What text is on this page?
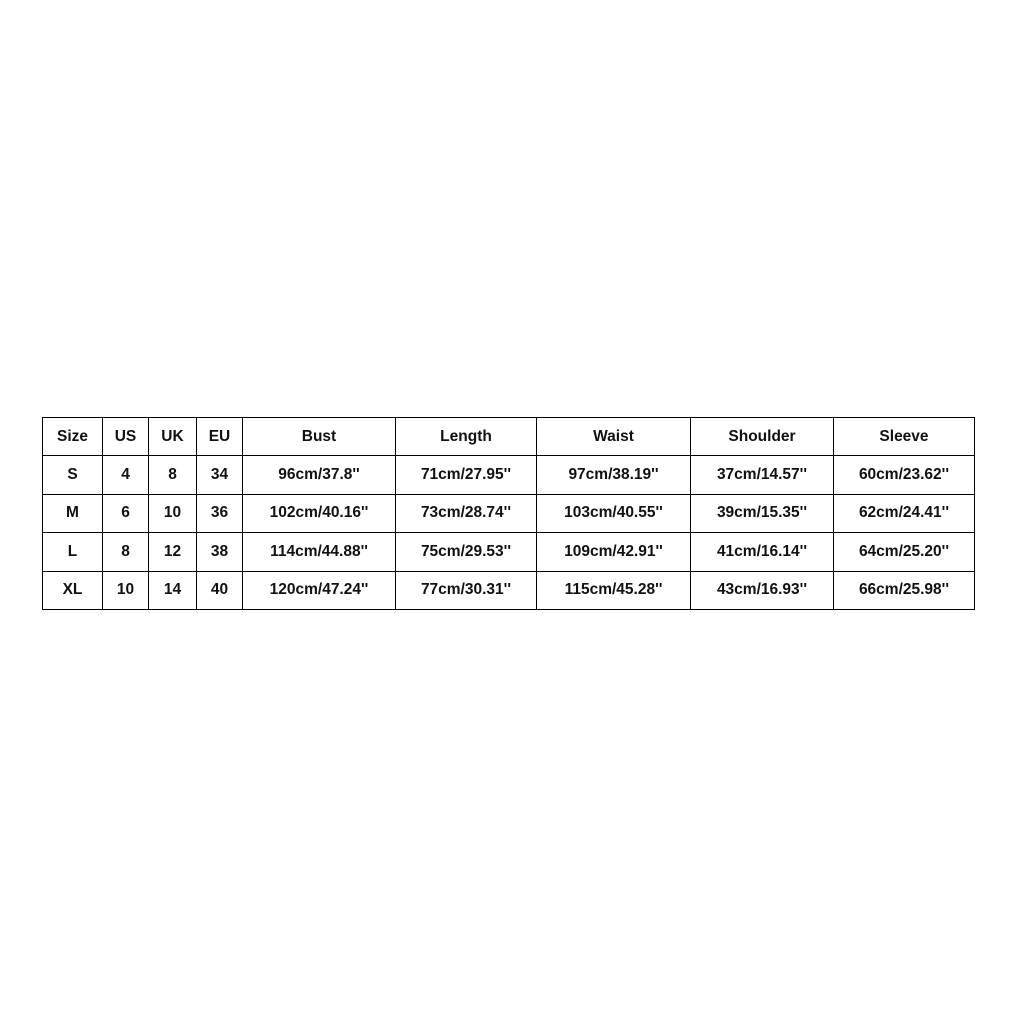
Size	US	UK	EU	Bust	Length	Waist	Shoulder	Sleeve
S	4	8	34	96cm/37.8''	71cm/27.95''	97cm/38.19''	37cm/14.57''	60cm/23.62''
M	6	10	36	102cm/40.16''	73cm/28.74''	103cm/40.55''	39cm/15.35''	62cm/24.41''
L	8	12	38	114cm/44.88''	75cm/29.53''	109cm/42.91''	41cm/16.14''	64cm/25.20''
XL	10	14	40	120cm/47.24''	77cm/30.31''	115cm/45.28''	43cm/16.93''	66cm/25.98''
